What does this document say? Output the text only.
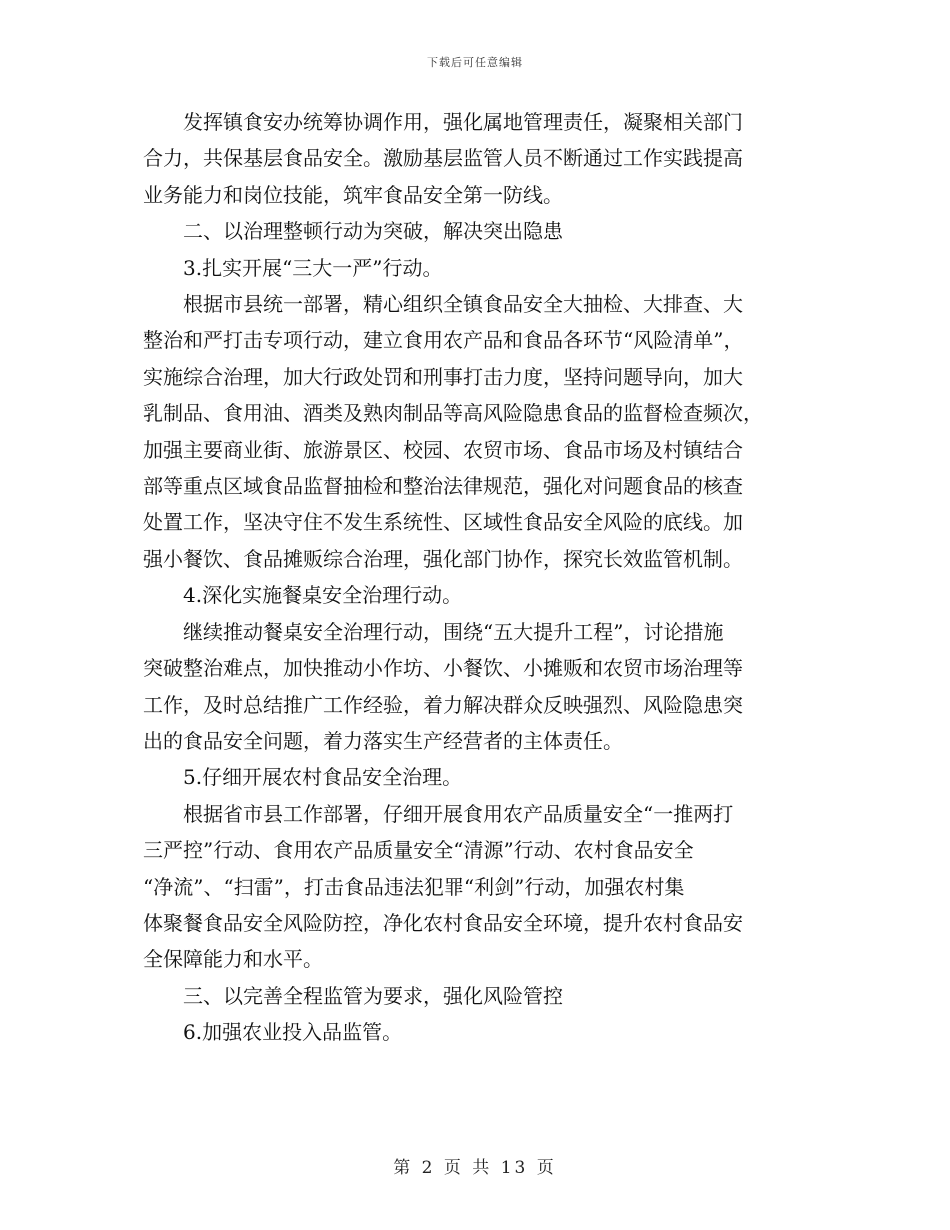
下载后可任意编辑
发挥镇食安办统筹协调作用，强化属地管理责任，凝聚相关部门
合力，共保基层食品安全。激励基层监管人员不断通过工作实践提高
业务能力和岗位技能，筑牢食品安全第一防线。
二、以治理整顿行动为突破，解决突出隐患
3.扎实开展“三大一严”行动。
根据市县统一部署，精心组织全镇食品安全大抽检、大排查、大
整治和严打击专项行动，建立食用农产品和食品各环节“风险清单”，
实施综合治理，加大行政处罚和刑事打击力度，坚持问题导向，加大
乳制品、食用油、酒类及熟肉制品等高风险隐患食品的监督检查频次，
加强主要商业街、旅游景区、校园、农贸市场、食品市场及村镇结合
部等重点区域食品监督抽检和整治法律规范，强化对问题食品的核查
处置工作，坚决守住不发生系统性、区域性食品安全风险的底线。加
强小餐饮、食品摊贩综合治理，强化部门协作，探究长效监管机制。
4.深化实施餐桌安全治理行动。
继续推动餐桌安全治理行动，围绕“五大提升工程”，讨论措施
突破整治难点，加快推动小作坊、小餐饮、小摊贩和农贸市场治理等
工作，及时总结推广工作经验，着力解决群众反映强烈、风险隐患突
出的食品安全问题，着力落实生产经营者的主体责任。
5.仔细开展农村食品安全治理。
根据省市县工作部署，仔细开展食用农产品质量安全“一推两打
三严控”行动、食用农产品质量安全“清源”行动、农村食品安全
“净流”、“扫雷”，打击食品违法犯罪“利剑”行动，加强农村集
体聚餐食品安全风险防控，净化农村食品安全环境，提升农村食品安
全保障能力和水平。
三、以完善全程监管为要求，强化风险管控
6.加强农业投入品监管。
第 2 页 共 13 页
